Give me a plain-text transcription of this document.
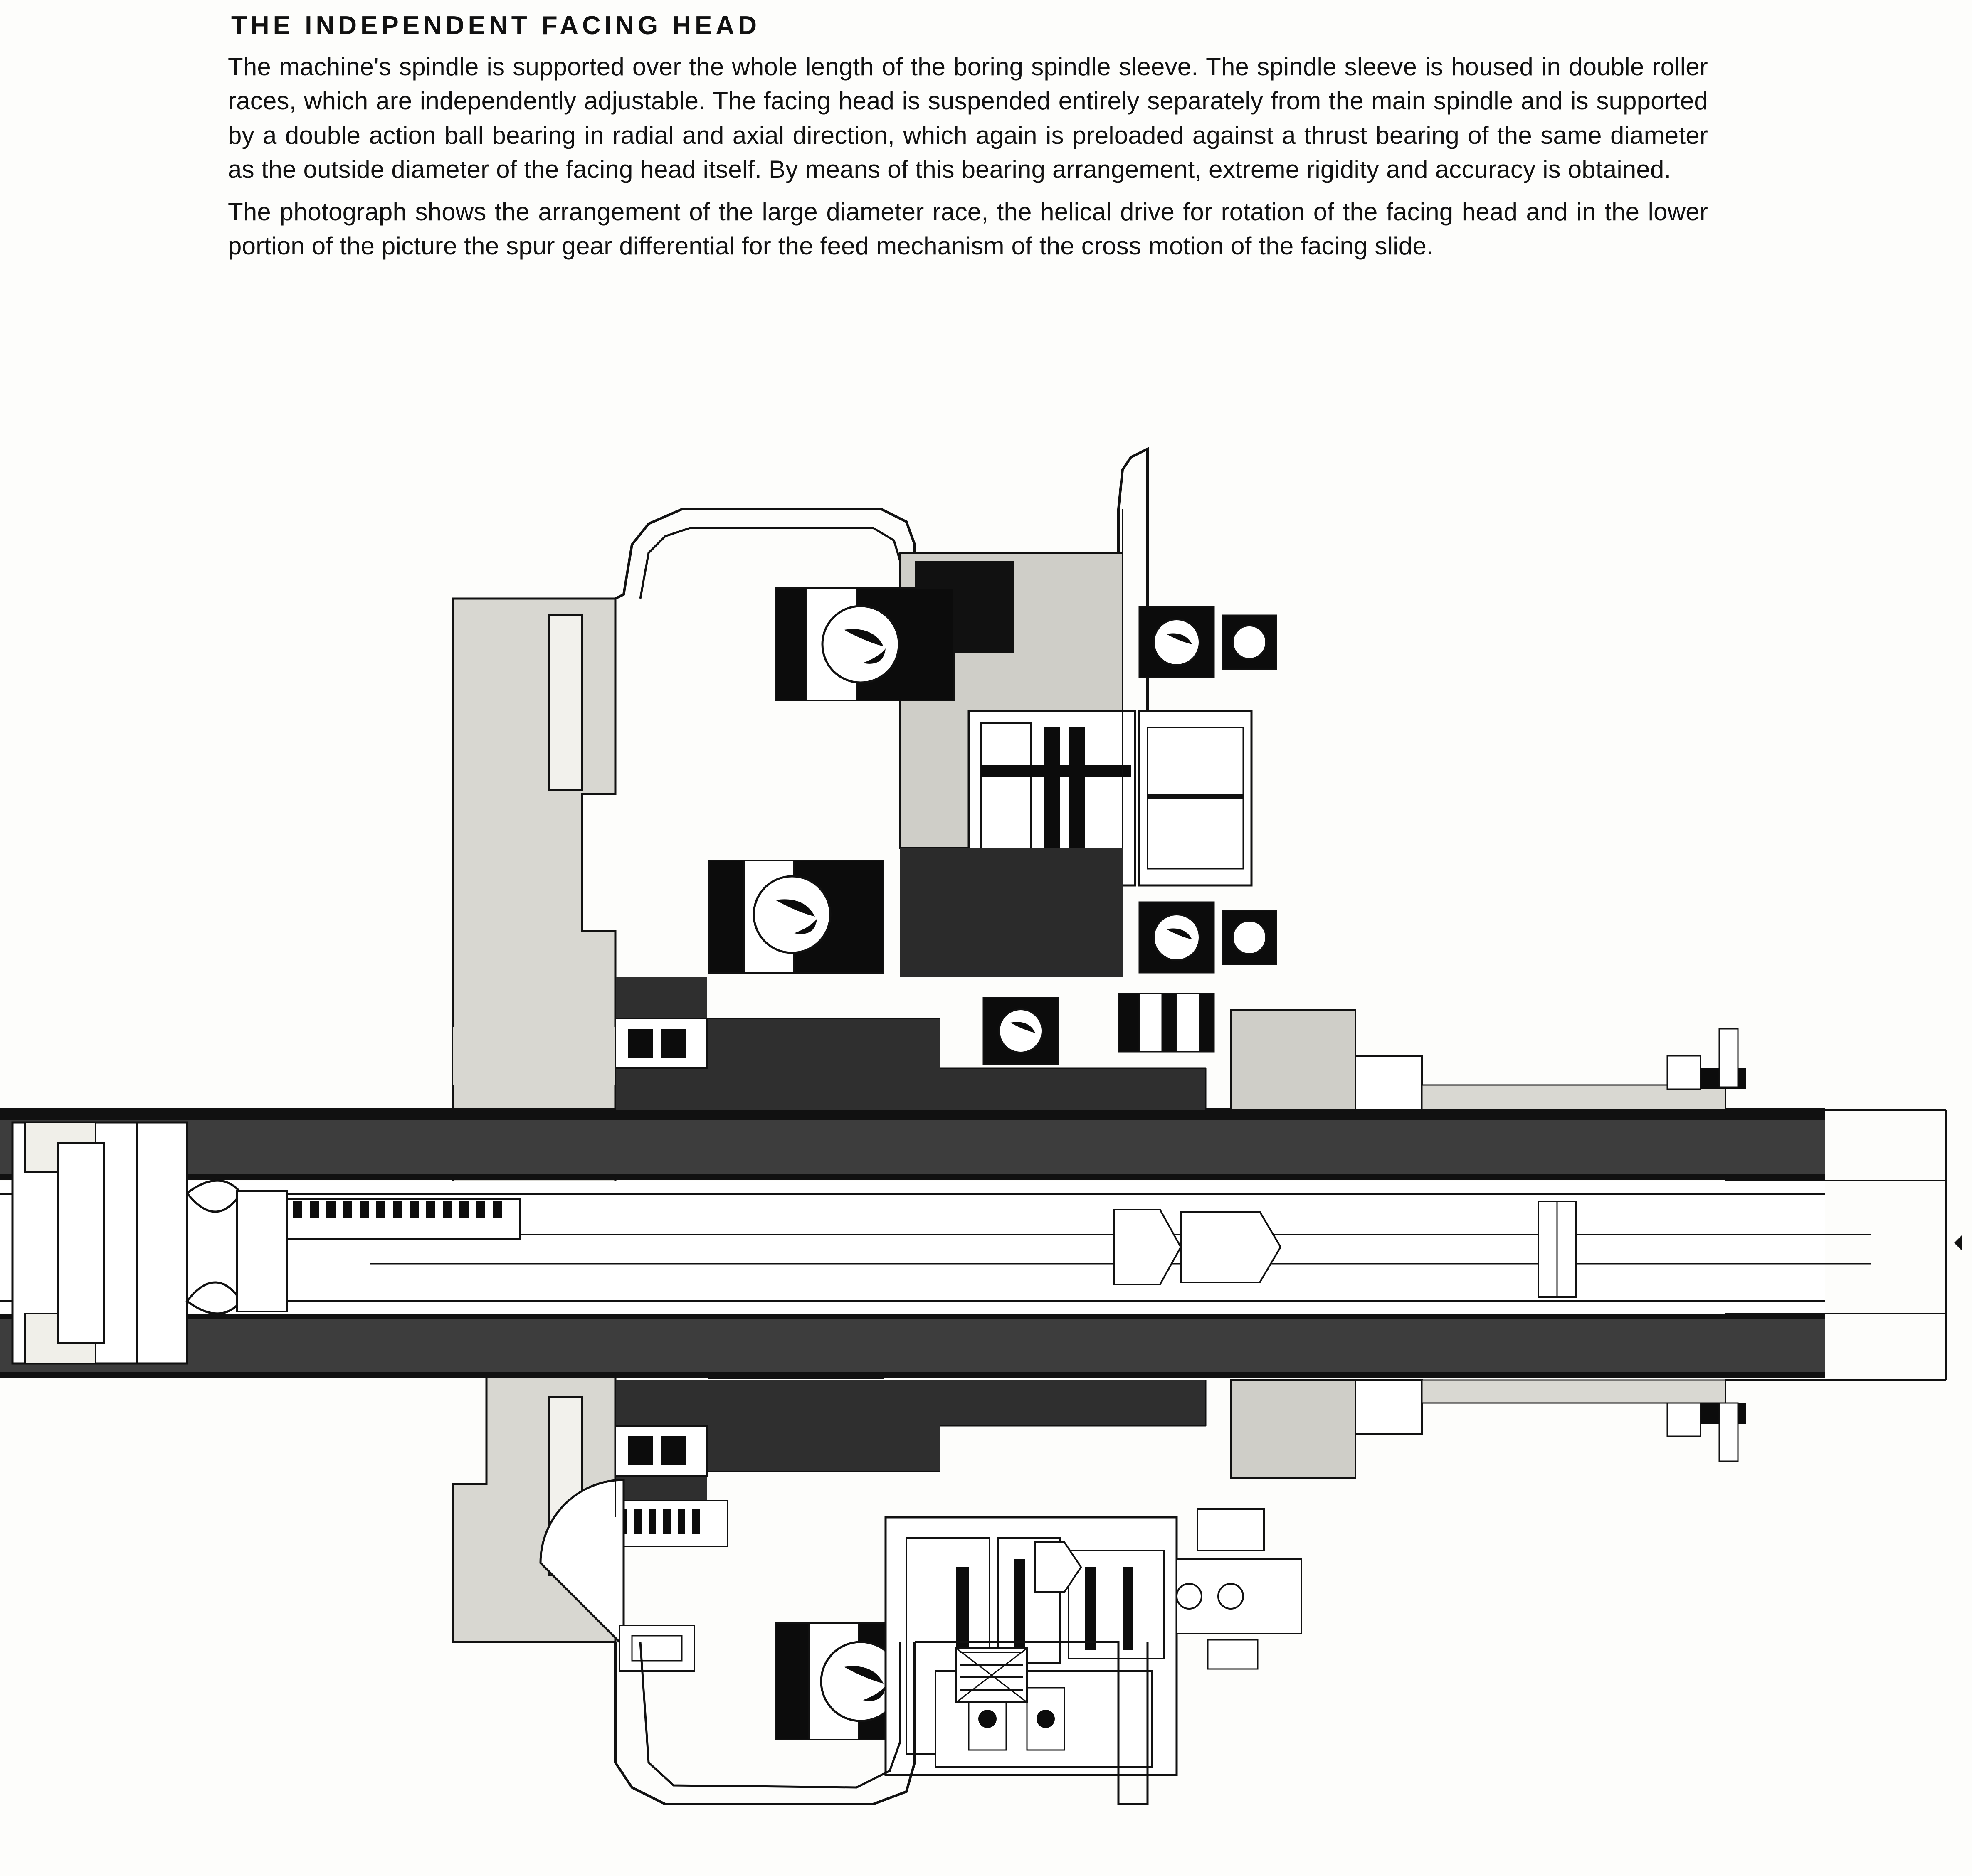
THE INDEPENDENT FACING HEAD

The machine's spindle is supported over the whole length of the boring spindle sleeve. The spindle sleeve is housed in double roller races, which are independently adjustable. The facing head is suspended entirely separately from the main spindle and is supported by a double action ball bearing in radial and axial direction, which again is preloaded against a thrust bearing of the same diameter as the outside diameter of the facing head itself. By means of this bearing arrangement, extreme rigidity and accuracy is obtained.

The photograph shows the arrangement of the large diameter race, the helical drive for rotation of the facing head and in the lower portion of the picture the spur gear differential for the feed mechanism of the cross motion of the facing slide.
